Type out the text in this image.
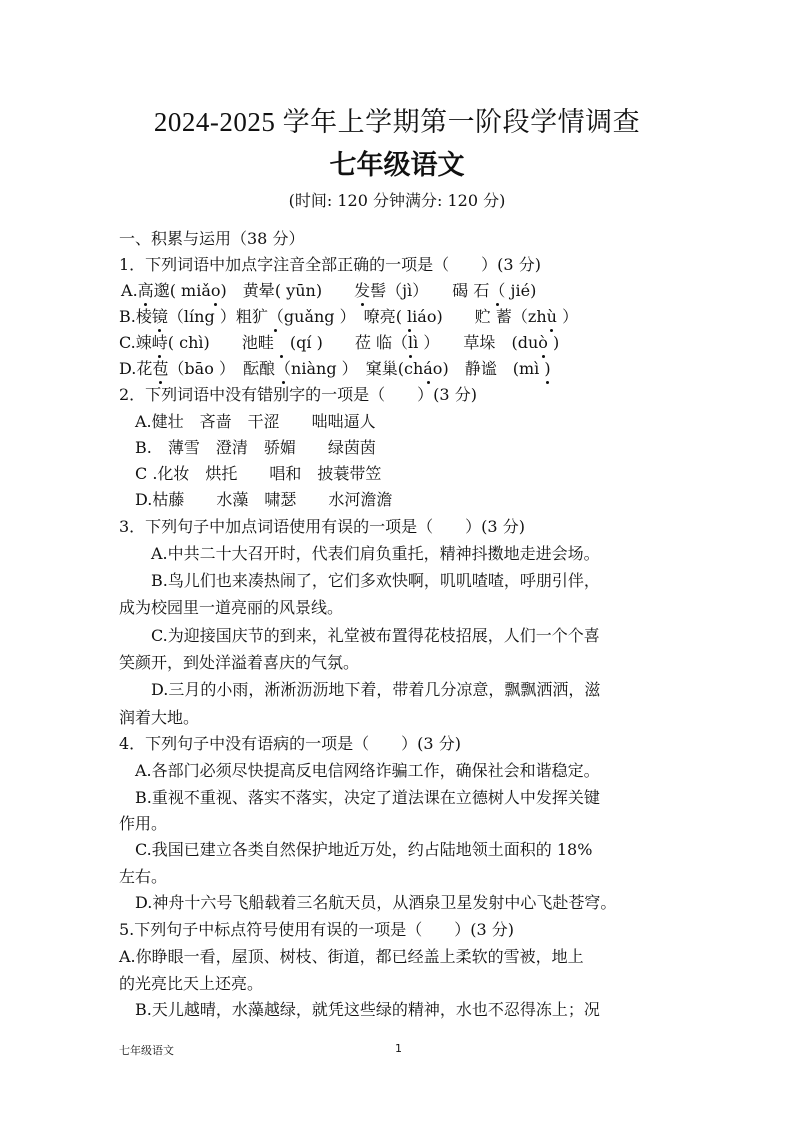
2024-2025 学年上学期第一阶段学情调查
七年级语文
(时间: 120 分钟满分: 120 分)
一、积累与运用（38 分）
1．下列词语中加点字注音全部正确的一项是（　　）(3 分)
A.高邈( miǎo)　 黄晕( yūn)　　 发髻（jì）　　 碣 石（ jié)
B.棱镜（líng ）粗犷（guǎng ）　 嘹亮( liáo)　　 贮 蓄（zhù ）
C.竦峙( chì)　　 池畦　 (qí )　　 莅 临（lì ）　　 草垛　 (duò )
D.花苞（bāo ）　 酝酿（niàng ）　 窠巢(cháo)　 静谧　 (mì )
2．下列词语中没有错别字的一项是（　　）(3 分)
　A.健壮　吝啬　干涩　　咄咄逼人
　B.　薄雪　澄清　骄媚　　绿茵茵
　C .化妆　烘托　　唱和　披蓑带笠
　D.枯藤　　水藻　啸瑟　　水河澹澹
3．下列句子中加点词语使用有误的一项是（　　）(3 分)
　　A.中共二十大召开时，代表们肩负重托，精神抖擞地走进会场。
　　B.鸟儿们也来凑热闹了，它们多欢快啊，叽叽喳喳，呼朋引伴，
成为校园里一道亮丽的风景线。
　　C.为迎接国庆节的到来，礼堂被布置得花枝招展，人们一个个喜
笑颜开，到处洋溢着喜庆的气氛。
　　D.三月的小雨，淅淅沥沥地下着，带着几分凉意，飘飘洒洒，滋
润着大地。
4．下列句子中没有语病的一项是（　　）(3 分)
　A.各部门必须尽快提高反电信网络诈骗工作，确保社会和谐稳定。
　B.重视不重视、落实不落实，决定了道法课在立德树人中发挥关键
作用。
　C.我国已建立各类自然保护地近万处，约占陆地领土面积的 18%
左右。
　D.神舟十六号飞船载着三名航天员，从酒泉卫星发射中心飞赴苍穹。
5.下列句子中标点符号使用有误的一项是（　　）(3 分)
A.你睁眼一看，屋顶、树枝、街道，都已经盖上柔软的雪被，地上
的光亮比天上还亮。
　B.天儿越晴，水藻越绿，就凭这些绿的精神，水也不忍得冻上；况
七年级语文	1
